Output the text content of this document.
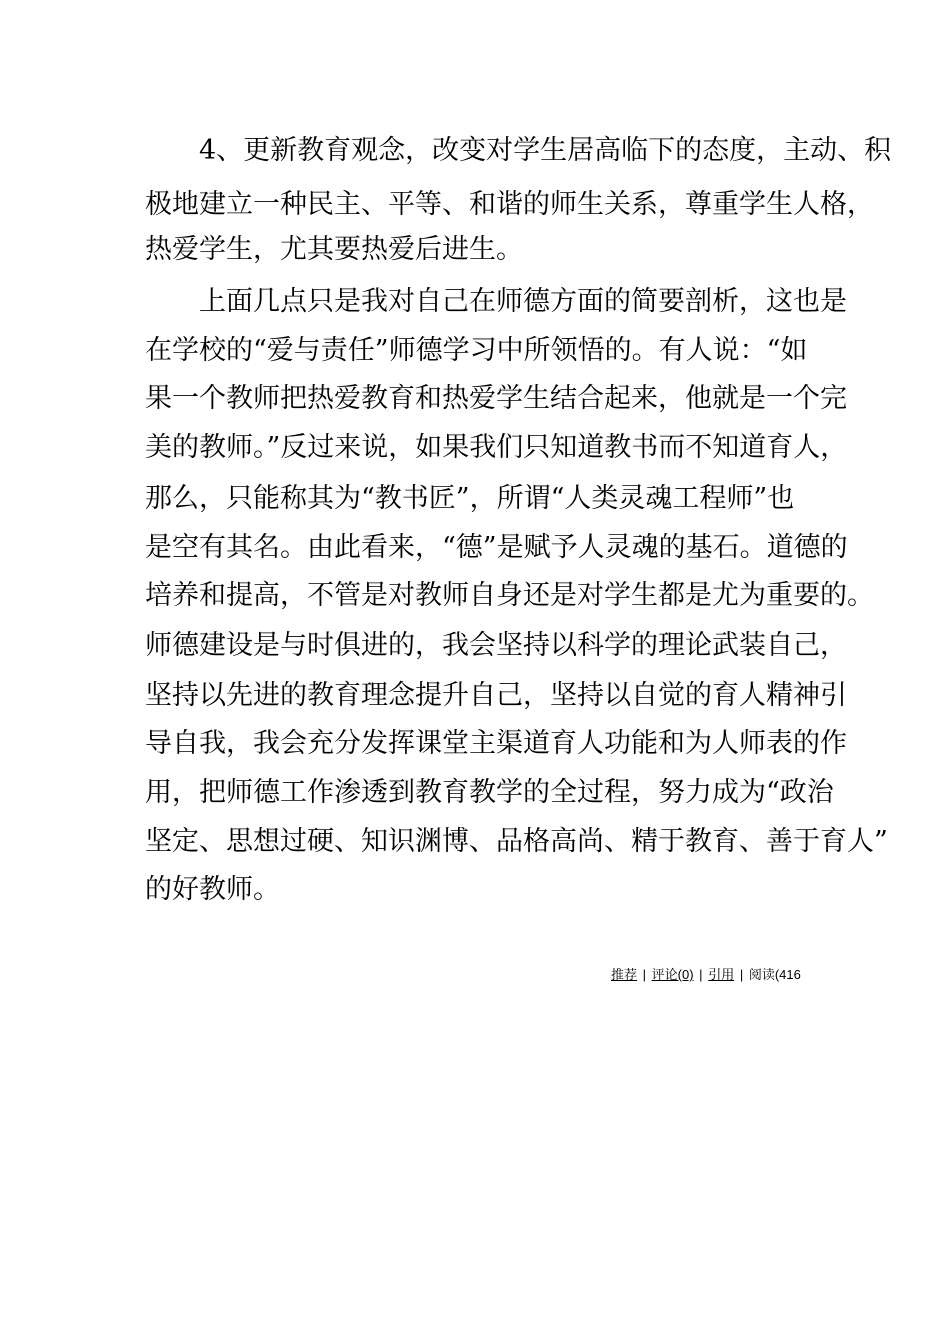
4、更新教育观念，改变对学生居高临下的态度，主动、积
极地建立一种民主、平等、和谐的师生关系，尊重学生人格，
热爱学生，尤其要热爱后进生。
上面几点只是我对自己在师德方面的简要剖析，这也是
在学校的“爱与责任”师德学习中所领悟的。有人说：“如
果一个教师把热爱教育和热爱学生结合起来，他就是一个完
美的教师。”反过来说，如果我们只知道教书而不知道育人，
那么，只能称其为“教书匠”，所谓“人类灵魂工程师”也
是空有其名。由此看来，“德”是赋予人灵魂的基石。道德的
培养和提高，不管是对教师自身还是对学生都是尤为重要的。
师德建设是与时俱进的，我会坚持以科学的理论武装自己，
坚持以先进的教育理念提升自己，坚持以自觉的育人精神引
导自我，我会充分发挥课堂主渠道育人功能和为人师表的作
用，把师德工作渗透到教育教学的全过程，努力成为“政治
坚定、思想过硬、知识渊博、品格高尚、精于教育、善于育人”
的好教师。
推荐 | 评论(0) | 引用 | 阅读(416
